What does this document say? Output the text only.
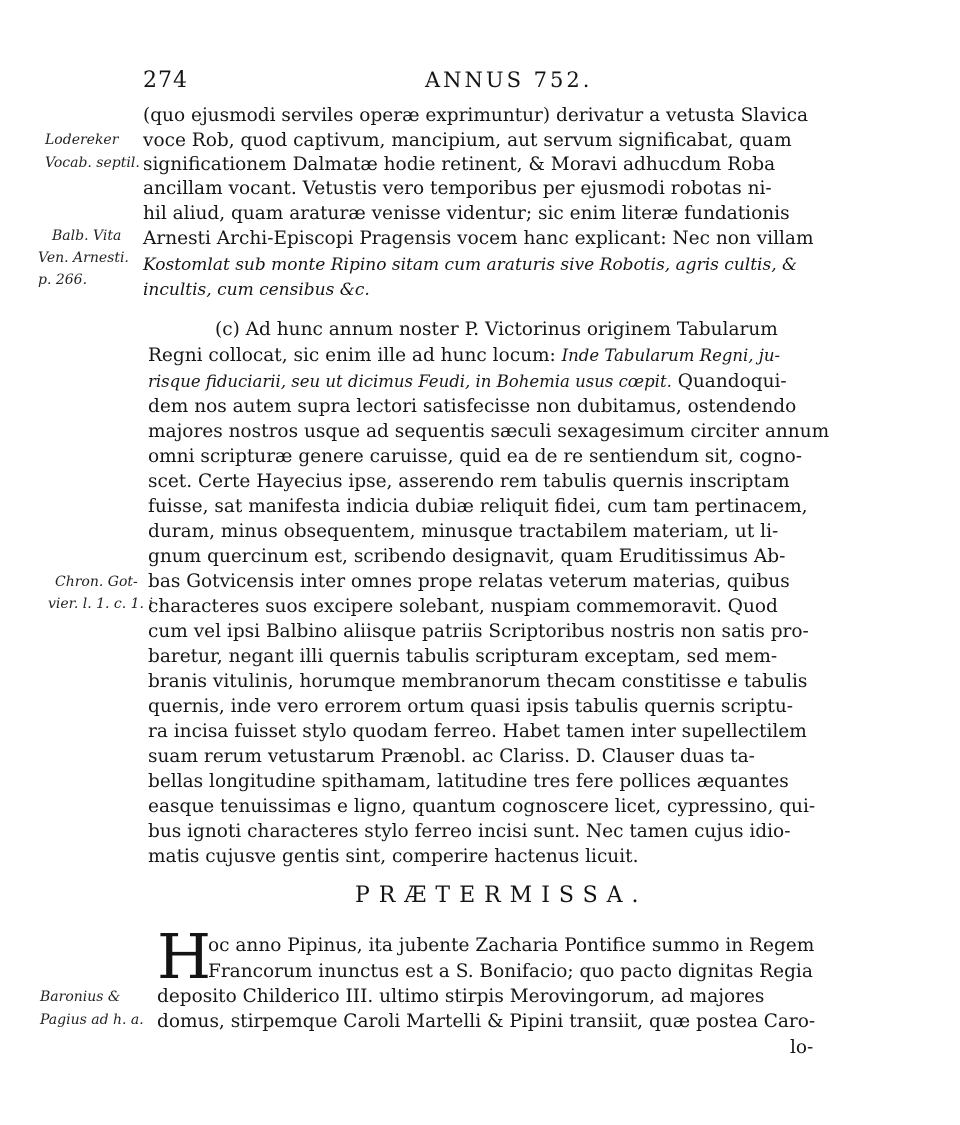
274	ANNUS 752.
Lodereker
Vocab. septil.
Balb. Vita
Ven. Arnesti.
p. 266.
Chron. Got-
vier. l. 1. c. 1. i
Baronius &
Pagius ad h. a.
(quo ejusmodi serviles operæ exprimuntur) derivatur a vetusta Slavica
voce Rob, quod captivum, mancipium, aut servum significabat, quam
significationem Dalmatæ hodie retinent, & Moravi adhucdum Roba
ancillam vocant. Vetustis vero temporibus per ejusmodi robotas ni-
hil aliud, quam araturæ venisse videntur; sic enim literæ fundationis
Arnesti Archi-Episcopi Pragensis vocem hanc explicant: Nec non villam
Kostomlat sub monte Ripino sitam cum araturis sive Robotis, agris cultis, &
incultis, cum censibus &c.
(c) Ad hunc annum noster P. Victorinus originem Tabularum
Regni collocat, sic enim ille ad hunc locum: Inde Tabularum Regni, ju-
risque fiduciarii, seu ut dicimus Feudi, in Bohemia usus cœpit. Quandoqui-
dem nos autem supra lectori satisfecisse non dubitamus, ostendendo
majores nostros usque ad sequentis sæculi sexagesimum circiter annum
omni scripturæ genere caruisse, quid ea de re sentiendum sit, cogno-
scet. Certe Hayecius ipse, asserendo rem tabulis quernis inscriptam
fuisse, sat manifesta indicia dubiæ reliquit fidei, cum tam pertinacem,
duram, minus obsequentem, minusque tractabilem materiam, ut li-
gnum quercinum est, scribendo designavit, quam Eruditissimus Ab-
bas Gotvicensis inter omnes prope relatas veterum materias, quibus
characteres suos excipere solebant, nuspiam commemoravit. Quod
cum vel ipsi Balbino aliisque patriis Scriptoribus nostris non satis pro-
baretur, negant illi quernis tabulis scripturam exceptam, sed mem-
branis vitulinis, horumque membranorum thecam constitisse e tabulis
quernis, inde vero errorem ortum quasi ipsis tabulis quernis scriptu-
ra incisa fuisset stylo quodam ferreo. Habet tamen inter supellectilem
suam rerum vetustarum Prænobl. ac Clariss. D. Clauser duas ta-
bellas longitudine spithamam, latitudine tres fere pollices æquantes
easque tenuissimas e ligno, quantum cognoscere licet, cypressino, qui-
bus ignoti characteres stylo ferreo incisi sunt. Nec tamen cujus idio-
matis cujusve gentis sint, comperire hactenus licuit.
PRÆTERMISSA.
H
oc anno Pipinus, ita jubente Zacharia Pontifice summo in Regem
Francorum inunctus est a S. Bonifacio; quo pacto dignitas Regia
deposito Childerico III. ultimo stirpis Merovingorum, ad majores
domus, stirpemque Caroli Martelli & Pipini transiit, quæ postea Caro-
lo-
